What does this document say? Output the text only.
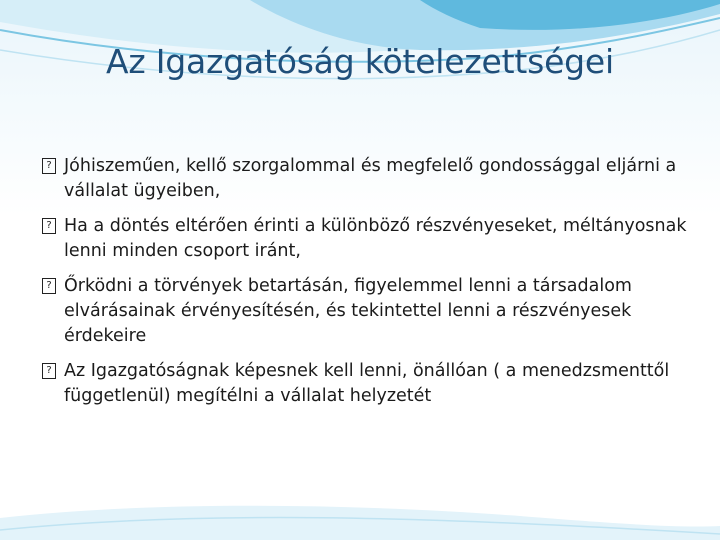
Az Igazgatóság kötelezettségei
? Jóhiszeműen, kellő szorgalommal és megfelelő gondossággal eljárni a vállalat ügyeiben,
? Ha a döntés eltérően érinti a különböző részvényeseket, méltányosnak lenni minden csoport iránt,
? Őrködni a törvények betartásán, figyelemmel lenni a társadalom elvárásainak érvényesítésén, és tekintettel lenni a részvényesek érdekeire
? Az Igazgatóságnak képesnek kell lenni, önállóan ( a menedzsmenttől függetlenül) megítélni a vállalat helyzetét
